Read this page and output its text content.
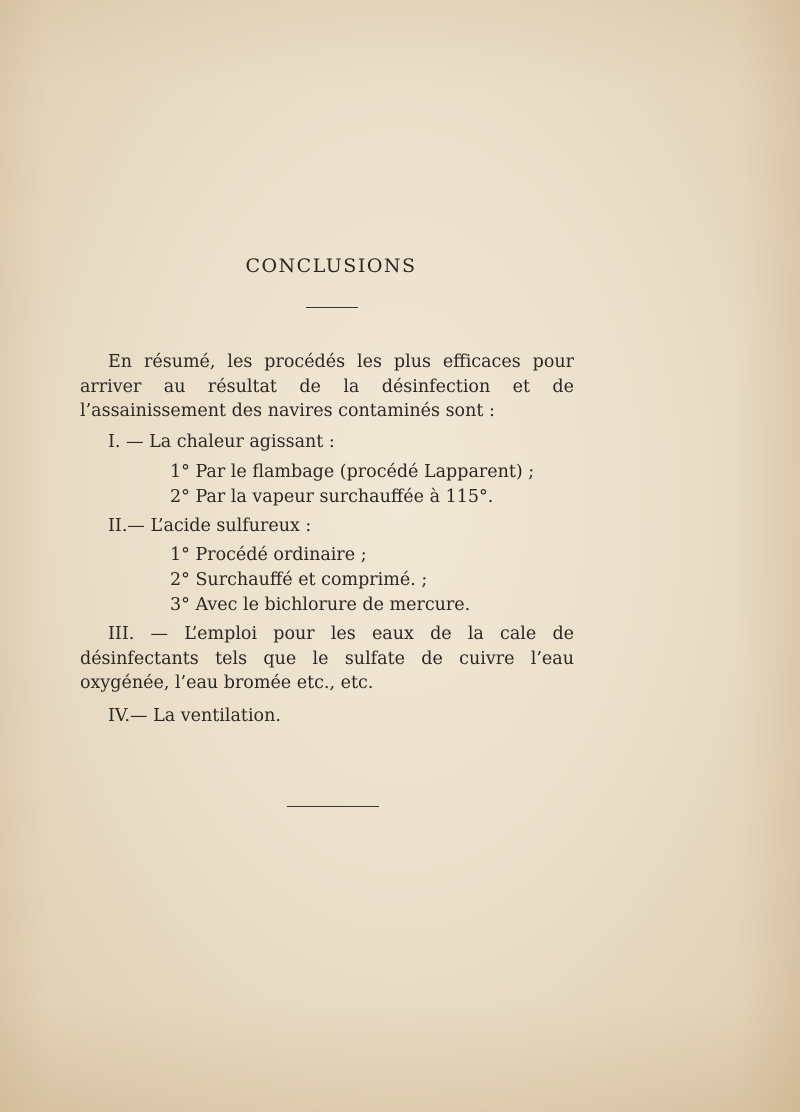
CONCLUSIONS

En résumé, les procédés les plus efficaces pour arriver au résultat de la désinfection et de l’assainissement des navires contaminés sont :

I. — La chaleur agissant :
1° Par le flambage (procédé Lapparent) ;
2° Par la vapeur surchauffée à 115°.
II.— L’acide sulfureux :
1° Procédé ordinaire ;
2° Surchauffé et comprimé. ;
3° Avec le bichlorure de mercure.

III. — L’emploi pour les eaux de la cale de désinfectants tels que le sulfate de cuivre l’eau oxygénée, l’eau bromée etc., etc.

IV.— La ventilation.
